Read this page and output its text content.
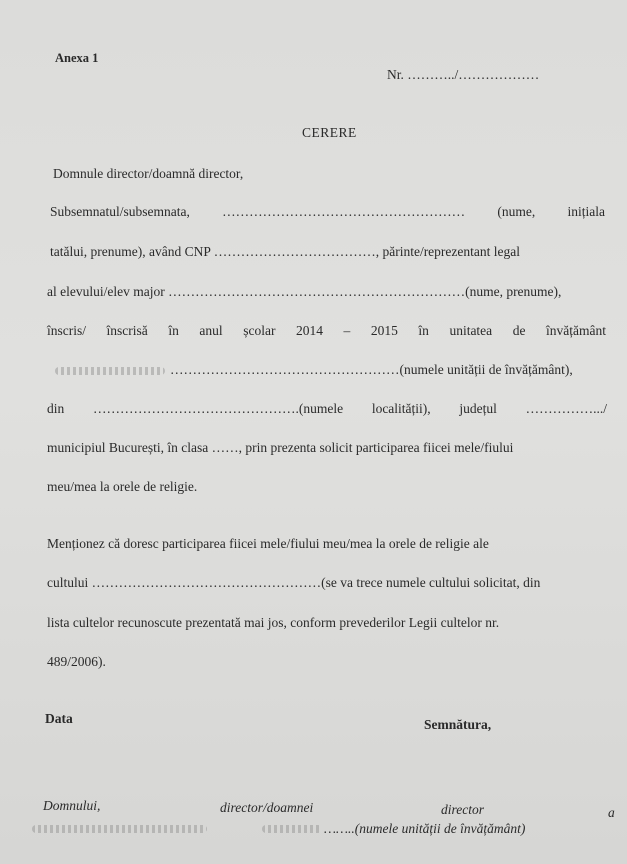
Anexa 1
Nr. ………../………………
CERERE
Domnule director/doamnă director,
Subsemnatul/subsemnata, ……………………………………………… (nume, inițiala
tatălui, prenume), având CNP ………………………………, părinte/reprezentant legal
al elevului/elev major …………………………………………………………(nume, prenume),
înscris/ înscrisă în anul școlar 2014 – 2015 în unitatea de învățământ
……………………………………………(numele unității de învățământ),
din ……………………………………….(numele localității), județul …………….../
municipiul București, în clasa ……, prin prezenta solicit participarea fiicei mele/fiului
meu/mea la orele de religie.
Menționez că doresc participarea fiicei mele/fiului meu/mea la orele de religie ale
cultului ……………………………………………(se va trece numele cultului solicitat, din
lista cultelor recunoscute prezentată mai jos, conform prevederilor Legii cultelor nr.
489/2006).
Data	Semnătura,
Domnului,	director/doamnei	director	a
……..(numele unității de învățământ)
